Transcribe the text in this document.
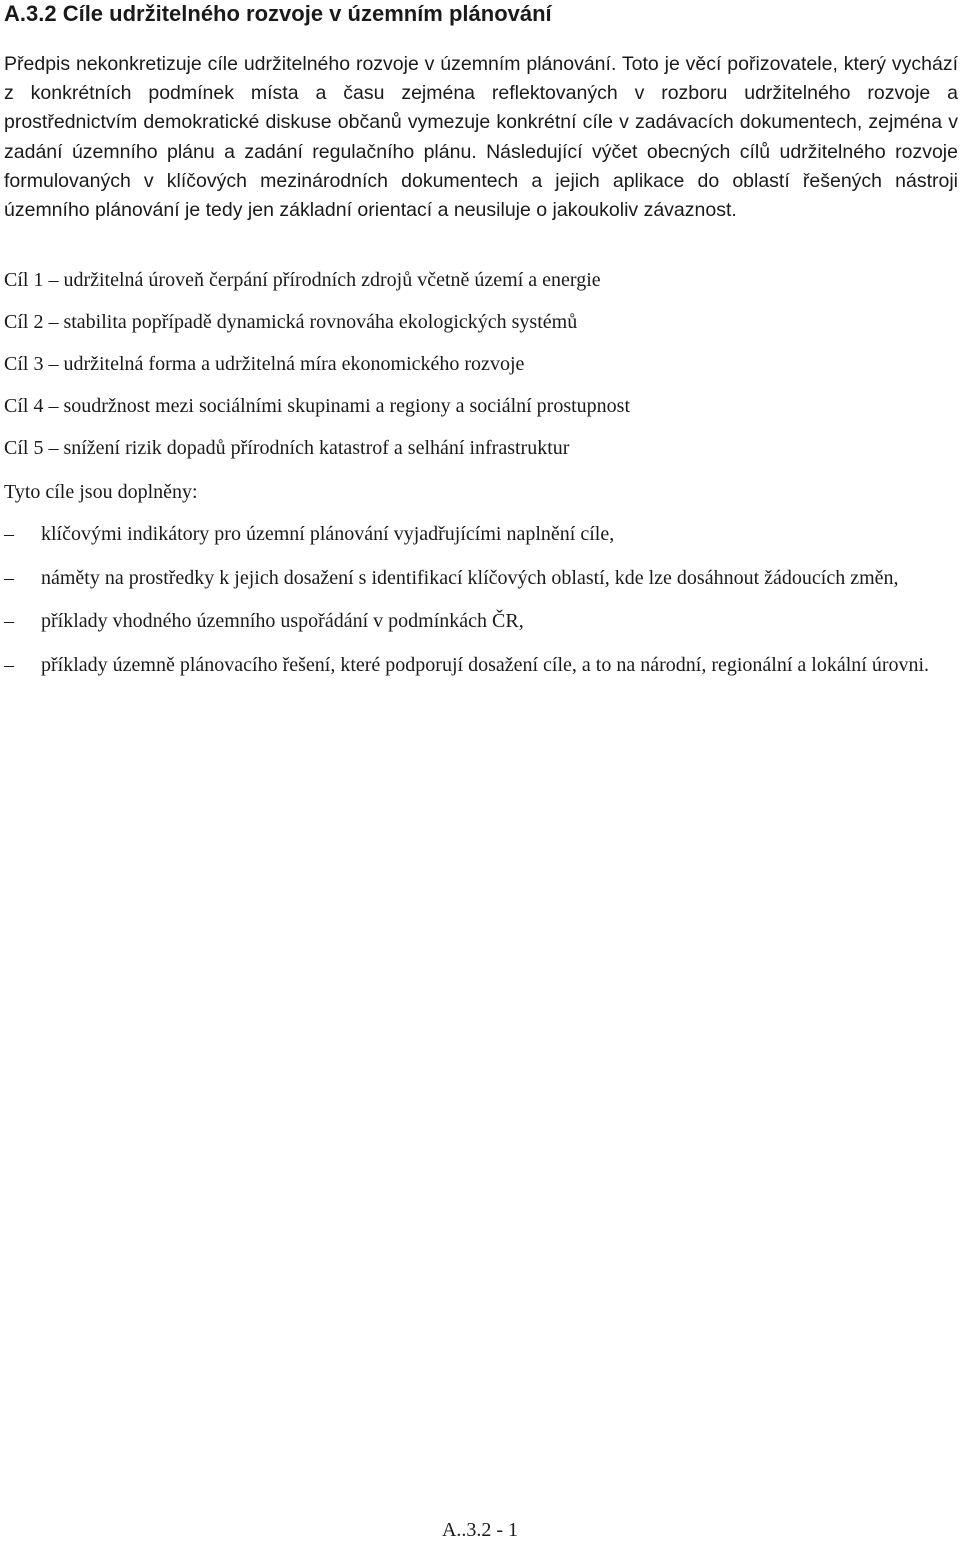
A.3.2 Cíle udržitelného rozvoje v územním plánování

Předpis nekonkretizuje cíle udržitelného rozvoje v územním plánování. Toto je věcí pořizovatele, který vychází z konkrétních podmínek místa a času zejména reflektovaných v rozboru udržitelného rozvoje a prostřednictvím demokratické diskuse občanů vymezuje konkrétní cíle v zadávacích dokumentech, zejména v zadání územního plánu a zadání regulačního plánu. Následující výčet obecných cílů udržitelného rozvoje formulovaných v klíčových mezinárodních dokumentech a jejich aplikace do oblastí řešených nástroji územního plánování je tedy jen základní orientací a neusiluje o jakoukoliv závaznost.

Cíl 1 – udržitelná úroveň čerpání přírodních zdrojů včetně území a energie
Cíl 2 – stabilita popřípadě dynamická rovnováha ekologických systémů
Cíl 3 – udržitelná forma a udržitelná míra ekonomického rozvoje
Cíl 4 – soudržnost mezi sociálními skupinami a regiony a sociální prostupnost
Cíl 5 – snížení rizik dopadů přírodních katastrof a selhání infrastruktur

Tyto cíle jsou doplněny:

–	klíčovými indikátory pro územní plánování vyjadřujícími naplnění cíle,
–	náměty na prostředky k jejich dosažení s identifikací klíčových oblastí, kde lze dosáhnout žádoucích změn,
–	příklady vhodného územního uspořádání v podmínkách ČR,
–	příklady územně plánovacího řešení, které podporují dosažení cíle, a to na národní, regionální a lokální úrovni.

A..3.2 - 1
